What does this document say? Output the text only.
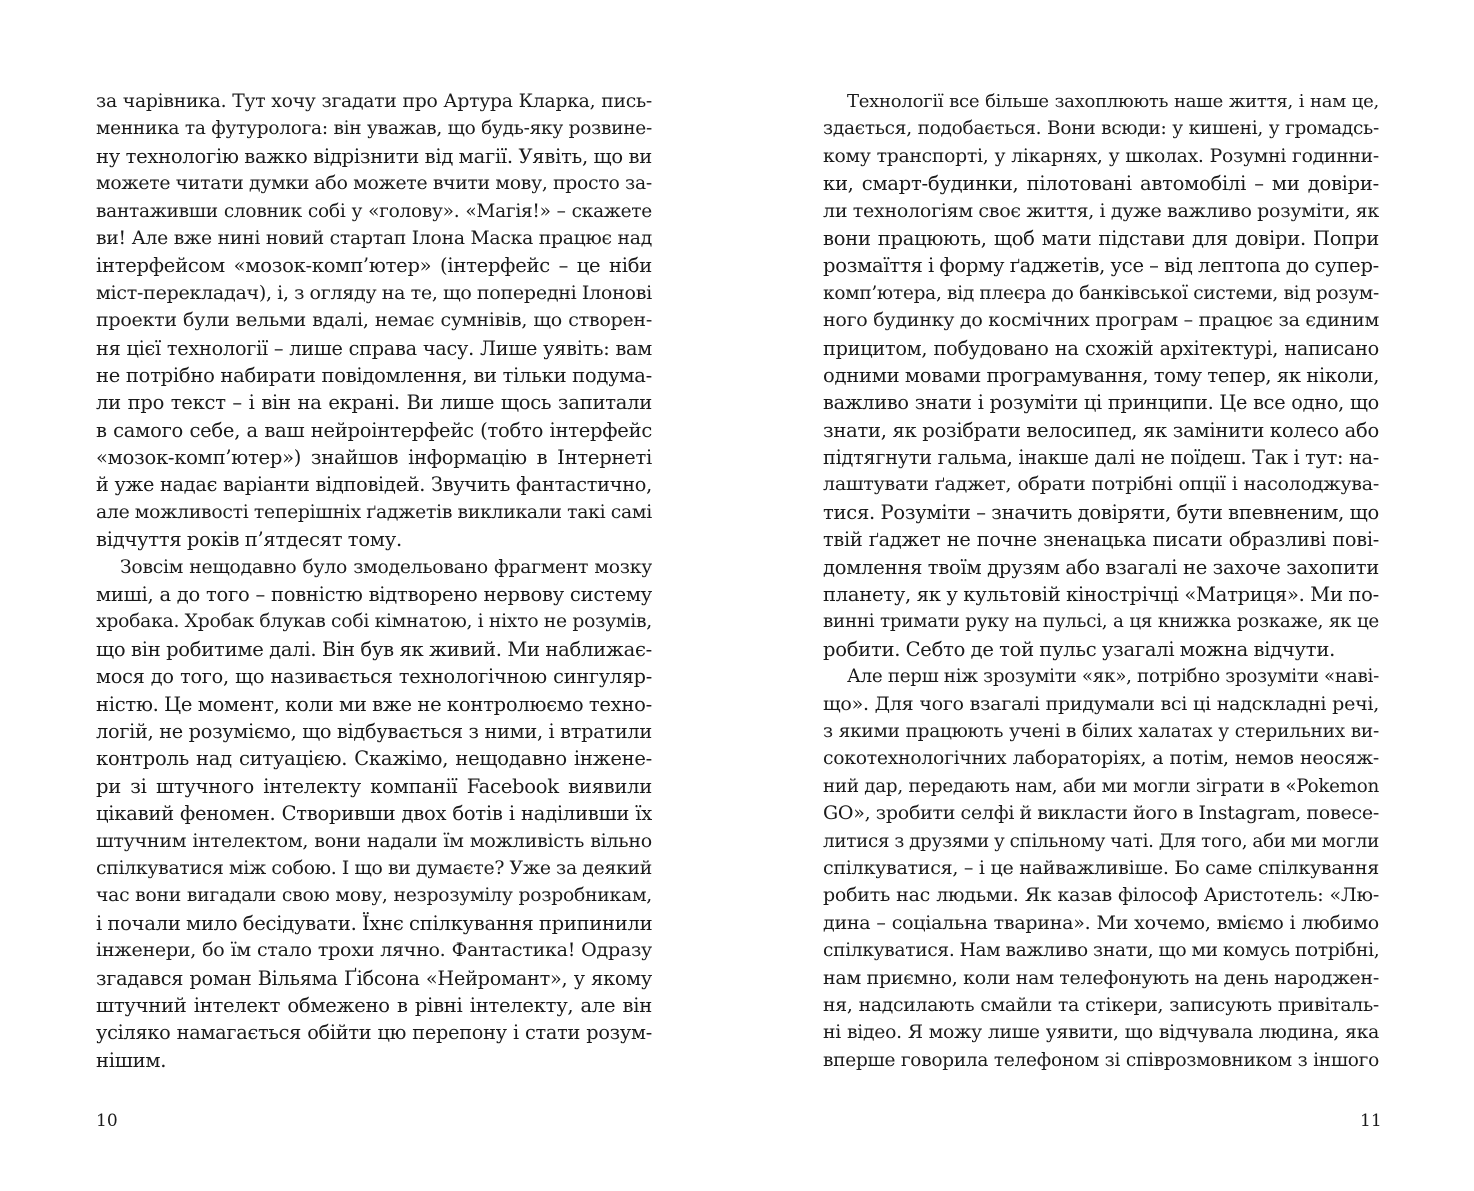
за чарівника. Тут хочу згадати про Артура Кларка, пись-
менника та футуролога: він уважав, що будь-яку розвине-
ну технологію важко відрізнити від магії. Уявіть, що ви
можете читати думки або можете вчити мову, просто за-
вантаживши словник собі у «голову». «Магія!» – скажете
ви! Але вже нині новий стартап Ілона Маска працює над
інтерфейсом «мозок-комп’ютер» (інтерфейс – це ніби
міст-перекладач), і, з огляду на те, що попередні Ілонові
проекти були вельми вдалі, немає сумнівів, що створен-
ня цієї технології – лише справа часу. Лише уявіть: вам
не потрібно набирати повідомлення, ви тільки подума-
ли про текст – і він на екрані. Ви лише щось запитали
в самого себе, а ваш нейроінтерфейс (тобто інтерфейс
«мозок-комп’ютер») знайшов інформацію в Інтернеті
й уже надає варіанти відповідей. Звучить фантастично,
але можливості теперішніх ґаджетів викликали такі самі
відчуття років п’ятдесят тому.
Зовсім нещодавно було змодельовано фрагмент мозку
миші, а до того – повністю відтворено нервову систему
хробака. Хробак блукав собі кімнатою, і ніхто не розумів,
що він робитиме далі. Він був як живий. Ми наближає-
мося до того, що називається технологічною сингуляр-
ністю. Це момент, коли ми вже не контролюємо техно-
логій, не розуміємо, що відбувається з ними, і втратили
контроль над ситуацією. Скажімо, нещодавно інжене-
ри зі штучного інтелекту компанії Facebook виявили
цікавий феномен. Створивши двох ботів і наділивши їх
штучним інтелектом, вони надали їм можливість вільно
спілкуватися між собою. І що ви думаєте? Уже за деякий
час вони вигадали свою мову, незрозумілу розробникам,
і почали мило бесідувати. Їхнє спілкування припинили
інженери, бо їм стало трохи лячно. Фантастика! Одразу
згадався роман Вільяма Ґібсона «Нейромант», у якому
штучний інтелект обмежено в рівні інтелекту, але він
усіляко намагається обійти цю перепону і стати розум-
нішим.
Технології все більше захоплюють наше життя, і нам це,
здається, подобається. Вони всюди: у кишені, у громадсь-
кому транспорті, у лікарнях, у школах. Розумні годинни-
ки, смарт-будинки, пілотовані автомобілі – ми довіри-
ли технологіям своє життя, і дуже важливо розуміти, як
вони працюють, щоб мати підстави для довіри. Попри
розмаїття і форму ґаджетів, усе – від лептопа до супер-
комп’ютера, від плеєра до банківської системи, від розум-
ного будинку до космічних програм – працює за єдиним
прицитом, побудовано на схожій архітектурі, написано
одними мовами програмування, тому тепер, як ніколи,
важливо знати і розуміти ці принципи. Це все одно, що
знати, як розібрати велосипед, як замінити колесо або
підтягнути гальма, інакше далі не поїдеш. Так і тут: на-
лаштувати ґаджет, обрати потрібні опції і насолоджува-
тися. Розуміти – значить довіряти, бути впевненим, що
твій ґаджет не почне зненацька писати образливі пові-
домлення твоїм друзям або взагалі не захоче захопити
планету, як у культовій кінострічці «Матриця». Ми по-
винні тримати руку на пульсі, а ця книжка розкаже, як це
робити. Себто де той пульс узагалі можна відчути.
Але перш ніж зрозуміти «як», потрібно зрозуміти «наві-
що». Для чого взагалі придумали всі ці надскладні речі,
з якими працюють учені в білих халатах у стерильних ви-
сокотехнологічних лабораторіях, а потім, немов неосяж-
ний дар, передають нам, аби ми могли зіграти в «Pokemon
GO», зробити селфі й викласти його в Instagram, повесе-
литися з друзями у спільному чаті. Для того, аби ми могли
спілкуватися, – і це найважливіше. Бо саме спілкування
робить нас людьми. Як казав філософ Аристотель: «Лю-
дина – соціальна тварина». Ми хочемо, вміємо і любимо
спілкуватися. Нам важливо знати, що ми комусь потрібні,
нам приємно, коли нам телефонують на день народжен-
ня, надсилають смайли та стікери, записують привіталь-
ні відео. Я можу лише уявити, що відчувала людина, яка
вперше говорила телефоном зі співрозмовником з іншого
10	11
